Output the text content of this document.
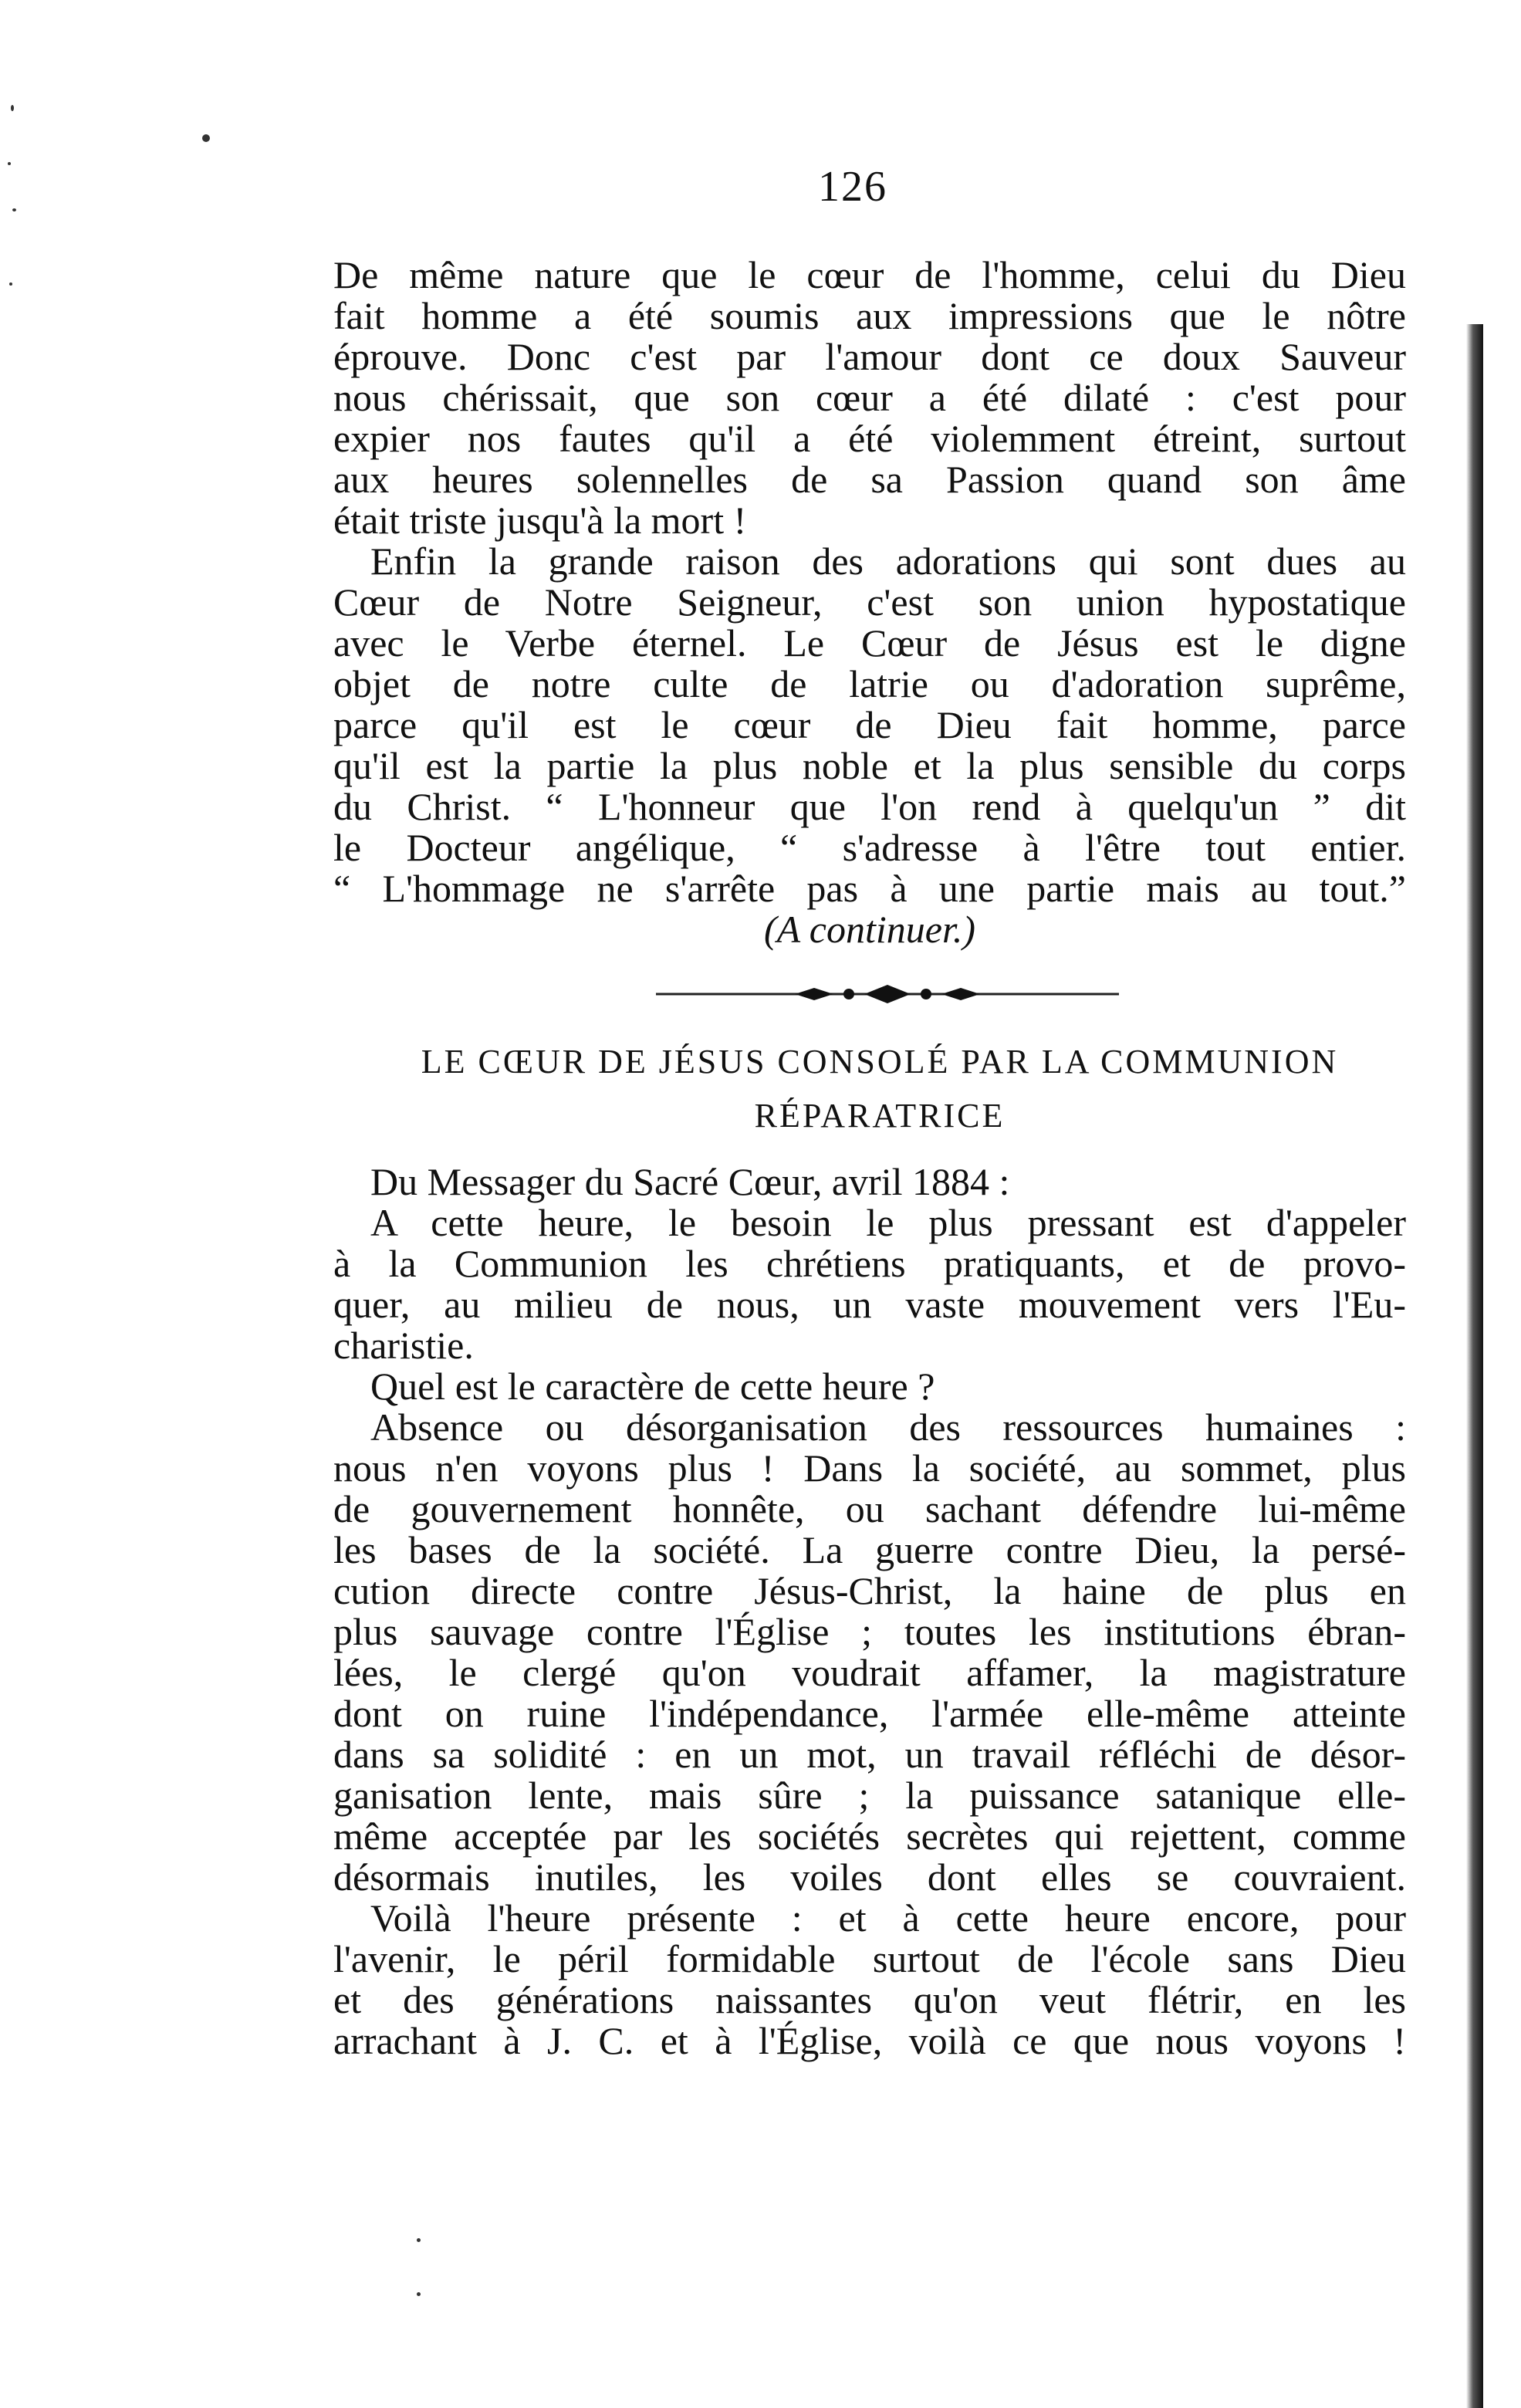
126
De même nature que le cœur de l'homme, celui du Dieu
fait homme a été soumis aux impressions que le nôtre
éprouve. Donc c'est par l'amour dont ce doux Sauveur
nous chérissait, que son cœur a été dilaté : c'est pour
expier nos fautes qu'il a été violemment étreint, surtout
aux heures solennelles de sa Passion quand son âme
était triste jusqu'à la mort !
Enfin la grande raison des adorations qui sont dues au
Cœur de Notre Seigneur, c'est son union hypostatique
avec le Verbe éternel. Le Cœur de Jésus est le digne
objet de notre culte de latrie ou d'adoration suprême,
parce qu'il est le cœur de Dieu fait homme, parce
qu'il est la partie la plus noble et la plus sensible du corps
du Christ. “ L'honneur que l'on rend à quelqu'un ” dit
le Docteur angélique, “ s'adresse à l'être tout entier.
“ L'hommage ne s'arrête pas à une partie mais au tout.”
(A continuer.)
LE CŒUR DE JÉSUS CONSOLÉ PAR LA COMMUNION
RÉPARATRICE
Du Messager du Sacré Cœur, avril 1884 :
A cette heure, le besoin le plus pressant est d'appeler
à la Communion les chrétiens pratiquants, et de provo-
quer, au milieu de nous, un vaste mouvement vers l'Eu-
charistie.
Quel est le caractère de cette heure ?
Absence ou désorganisation des ressources humaines :
nous n'en voyons plus ! Dans la société, au sommet, plus
de gouvernement honnête, ou sachant défendre lui-même
les bases de la société. La guerre contre Dieu, la persé-
cution directe contre Jésus-Christ, la haine de plus en
plus sauvage contre l'Église ; toutes les institutions ébran-
lées, le clergé qu'on voudrait affamer, la magistrature
dont on ruine l'indépendance, l'armée elle-même atteinte
dans sa solidité : en un mot, un travail réfléchi de désor-
ganisation lente, mais sûre ; la puissance satanique elle-
même acceptée par les sociétés secrètes qui rejettent, comme
désormais inutiles, les voiles dont elles se couvraient.
Voilà l'heure présente : et à cette heure encore, pour
l'avenir, le péril formidable surtout de l'école sans Dieu
et des générations naissantes qu'on veut flétrir, en les
arrachant à J. C. et à l'Église, voilà ce que nous voyons !
